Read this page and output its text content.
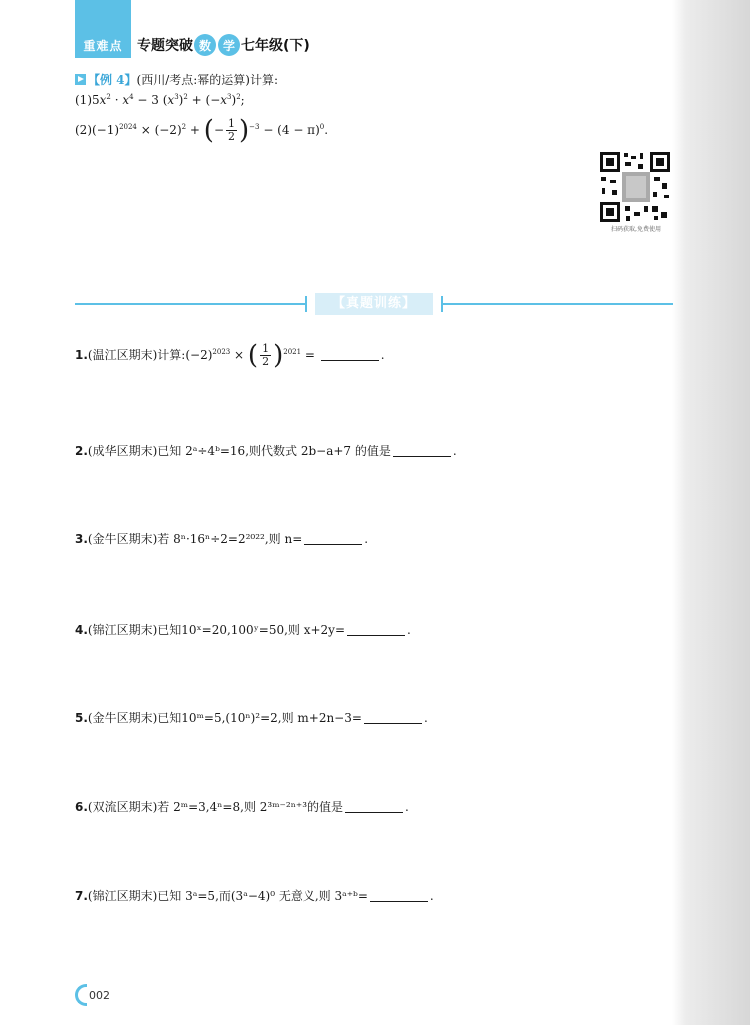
重难点	专题突破 数 学 七年级(下)
【例 4】(西川/考点:幂的运算)计算:
$(1)5x^2 \cdot x^4 - 3$ $(x^3)^2 + (-x^3)^2$;
$(2)(-1)^{2024} \times (-2)^2$ + (− $\frac{1}{2} )^{-3} - (4 - \pi)^0$.
扫码获取,免费使用
【真题训练】
1.(温江区期末)计算$:(-2)^{2023}$ × ( $\frac{1}{2} )^{2021}$ =	.
2.(成华区期末)已知 2ᵃ÷4ᵇ=16,则代数式 2b−a+7 的值是	.
3.(金牛区期末)若 8ⁿ·16ⁿ÷2=2²⁰²²,则 n=	.
4.(锦江区期末)已知10ˣ=20,100ʸ=50,则 x+2y=	.
5.(金牛区期末)已知10ᵐ=5,(10ⁿ)²=2,则 m+2n−3=	.
6.(双流区期末)若 2ᵐ=3,4ⁿ=8,则 2³ᵐ⁻²ⁿ⁺³的值是	.
7.(锦江区期末)已知 3ᵃ=5,而(3ᵃ−4)⁰ 无意义,则 3ᵃ⁺ᵇ=	.
002
